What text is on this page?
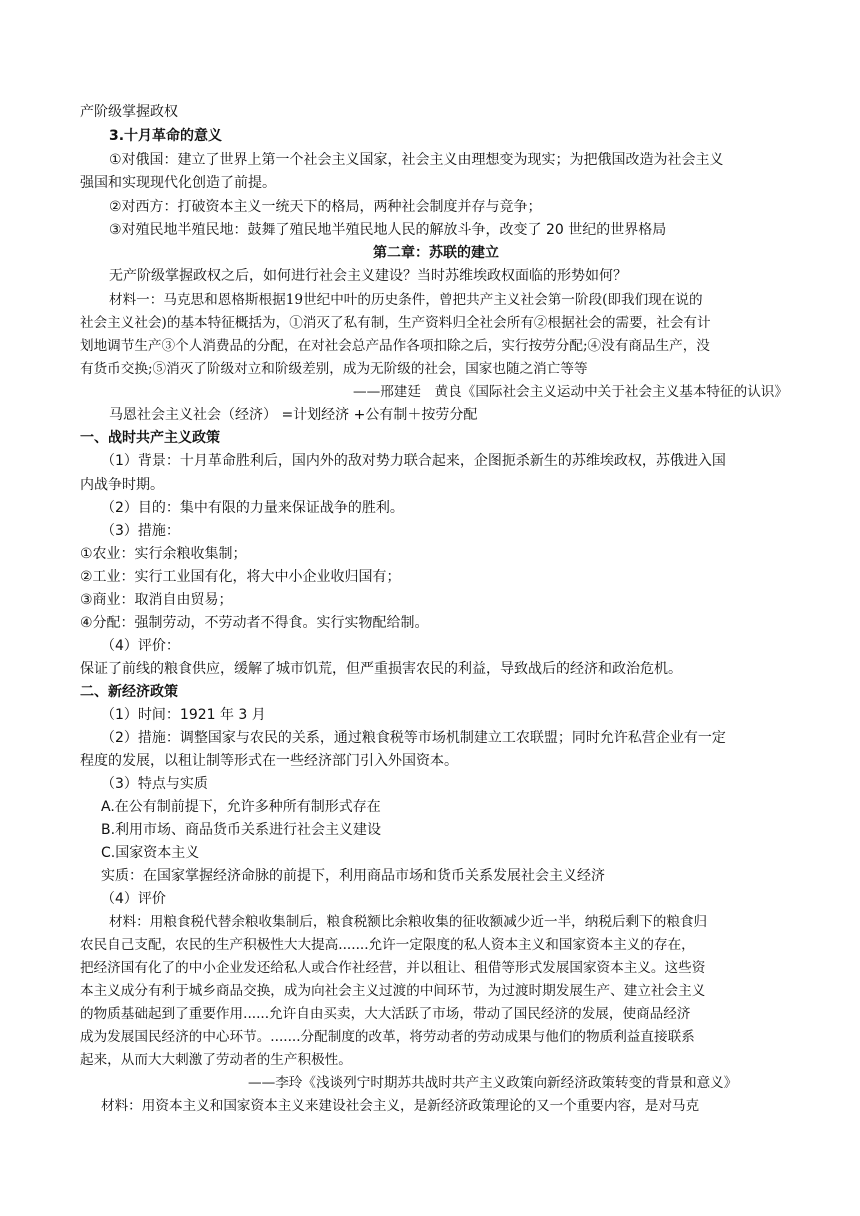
产阶级掌握政权
3.十月革命的意义
①对俄国：建立了世界上第一个社会主义国家，社会主义由理想变为现实；为把俄国改造为社会主义
强国和实现现代化创造了前提。
②对西方：打破资本主义一统天下的格局，两种社会制度并存与竞争；
③对殖民地半殖民地：鼓舞了殖民地半殖民地人民的解放斗争，改变了 20 世纪的世界格局
第二章：苏联的建立
无产阶级掌握政权之后，如何进行社会主义建设？当时苏维埃政权面临的形势如何？
材料一：马克思和恩格斯根据19世纪中叶的历史条件，曾把共产主义社会第一阶段(即我们现在说的
社会主义社会)的基本特征概括为，①消灭了私有制，生产资料归全社会所有②根据社会的需要，社会有计
划地调节生产③个人消费品的分配，在对社会总产品作各项扣除之后，实行按劳分配;④没有商品生产，没
有货币交换;⑤消灭了阶级对立和阶级差别，成为无阶级的社会，国家也随之消亡等等
——邢建廷　黄良《国际社会主义运动中关于社会主义基本特征的认识》
马恩社会主义社会（经济） =计划经济 +公有制＋按劳分配
一、战时共产主义政策
（1）背景：十月革命胜利后，国内外的敌对势力联合起来，企图扼杀新生的苏维埃政权，苏俄进入国
内战争时期。
（2）目的：集中有限的力量来保证战争的胜利。
（3）措施：
①农业：实行余粮收集制；
②工业：实行工业国有化，将大中小企业收归国有；
③商业：取消自由贸易；
④分配：强制劳动，不劳动者不得食。实行实物配给制。
（4）评价：
保证了前线的粮食供应，缓解了城市饥荒，但严重损害农民的利益，导致战后的经济和政治危机。
二、新经济政策
（1）时间：1921 年 3 月
（2）措施：调整国家与农民的关系，通过粮食税等市场机制建立工农联盟；同时允许私营企业有一定
程度的发展，以租让制等形式在一些经济部门引入外国资本。
（3）特点与实质
A.在公有制前提下，允许多种所有制形式存在
B.利用市场、商品货币关系进行社会主义建设
C.国家资本主义
实质：在国家掌握经济命脉的前提下，利用商品市场和货币关系发展社会主义经济
（4）评价
材料：用粮食税代替余粮收集制后，粮食税额比余粮收集的征收额减少近一半，纳税后剩下的粮食归
农民自己支配，农民的生产积极性大大提高.......允许一定限度的私人资本主义和国家资本主义的存在，
把经济国有化了的中小企业发还给私人或合作社经营，并以租让、租借等形式发展国家资本主义。这些资
本主义成分有利于城乡商品交换，成为向社会主义过渡的中间环节，为过渡时期发展生产、建立社会主义
的物质基础起到了重要作用......允许自由买卖，大大活跃了市场，带动了国民经济的发展，使商品经济
成为发展国民经济的中心环节。.......分配制度的改革，将劳动者的劳动成果与他们的物质利益直接联系
起来，从而大大刺激了劳动者的生产积极性。
——李玲《浅谈列宁时期苏共战时共产主义政策向新经济政策转变的背景和意义》
材料：用资本主义和国家资本主义来建设社会主义，是新经济政策理论的又一个重要内容，是对马克
